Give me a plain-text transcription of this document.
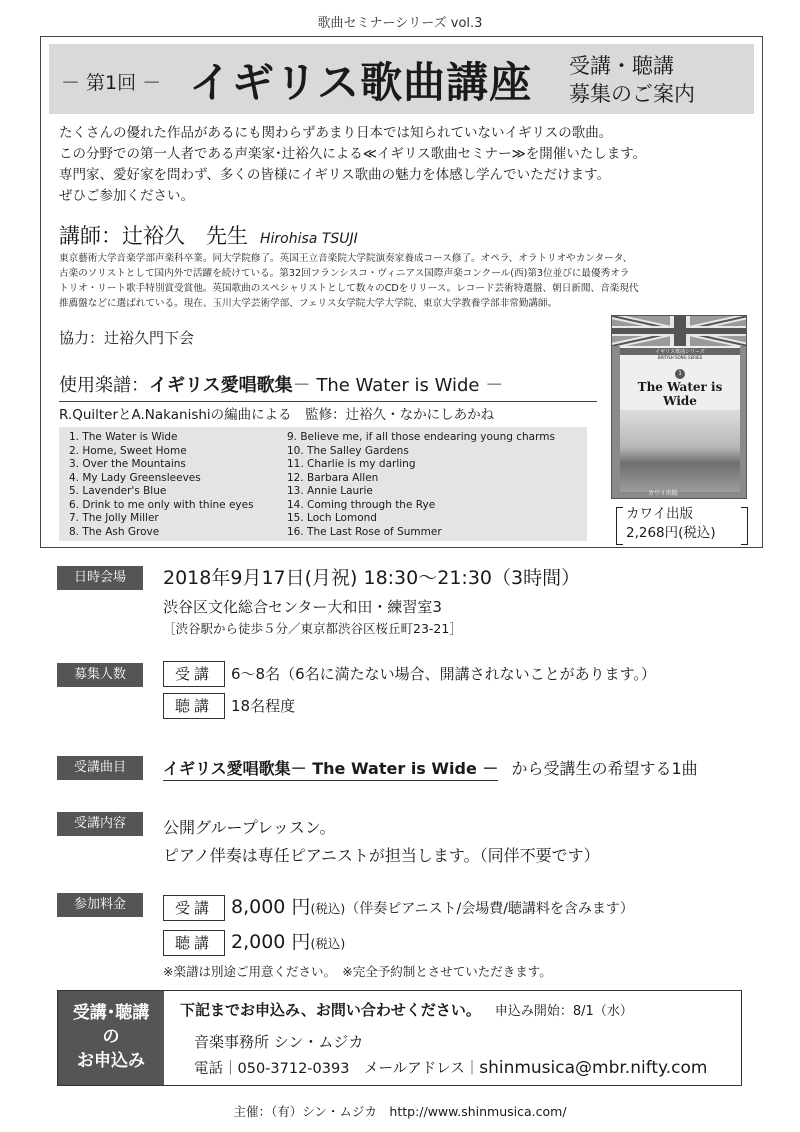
歌曲セミナーシリーズ vol.3
－ 第1回 － イギリス歌曲講座 受講・聴講
募集のご案内
たくさんの優れた作品があるにも関わらずあまり日本では知られていないイギリスの歌曲。
この分野での第一人者である声楽家･辻裕久による≪イギリス歌曲セミナー≫を開催いたします。
専門家、愛好家を問わず、多くの皆様にイギリス歌曲の魅力を体感し学んでいただけます。
ぜひご参加ください。
講師：辻裕久　先生 Hirohisa TSUJI
東京藝術大学音楽学部声楽科卒業。同大学院修了。英国王立音楽院大学院演奏家養成コース修了。オペラ、オラトリオやカンタータ、
古楽のソリストとして国内外で活躍を続けている。第32回フランシスコ・ヴィニアス国際声楽コンクール(西)第3位並びに最優秀オラ
トリオ・リート歌手特別賞受賞他。英国歌曲のスペシャリストとして数々のCDをリリース。レコード芸術特選盤、朝日新聞、音楽現代
推薦盤などに選ばれている。現在、玉川大学芸術学部、フェリス女学院大学大学院、東京大学教養学部非常勤講師。
協力：辻裕久門下会
使用楽譜：イギリス愛唱歌集－ The Water is Wide －
R.QuilterとA.Nakanishiの編曲による　監修：辻裕久・なかにしあかね
1. The Water is Wide
2. Home, Sweet Home
3. Over the Mountains
4. My Lady Greensleeves
5. Lavender's Blue
6. Drink to me only with thine eyes
7. The Jolly Miller
8. The Ash Grove
9. Believe me, if all those endearing young charms
10. The Salley Gardens
11. Charlie is my darling
12. Barbara Allen
13. Annie Laurie
14. Coming through the Rye
15. Loch Lomond
16. The Last Rose of Summer
イギリス歌曲シリーズ
BRITISH SONG SERIES
1
The Water is Wide
カワイ出版
カワイ出版
2,268円(税込)
日時会場	2018年9月17日(月祝) 18:30〜21:30（3時間）
渋谷区文化総合センター大和田・練習室3
［渋谷駅から徒歩５分／東京都渋谷区桜丘町23-21］
募集人数	受講 6〜8名（6名に満たない場合、開講されないことがあります。）
聴講 18名程度
受講曲目	イギリス愛唱歌集－ The Water is Wide － から受講生の希望する1曲
受講内容	公開グループレッスン。
ピアノ伴奏は専任ピアニストが担当します。（同伴不要です）
参加料金	受講 8,000 円(税込)（伴奏ピアニスト/会場費/聴講料を含みます）
聴講 2,000 円(税込)
※楽譜は別途ご用意ください。　※完全予約制とさせていただきます。
受講･聴講
の
お申込み
下記までお申込み、お問い合わせください。 申込み開始：8/1（水）
音楽事務所 シン・ムジカ
電話｜050-3712-0393　メールアドレス｜shinmusica@mbr.nifty.com
主催：（有）シン・ムジカ　http://www.shinmusica.com/
